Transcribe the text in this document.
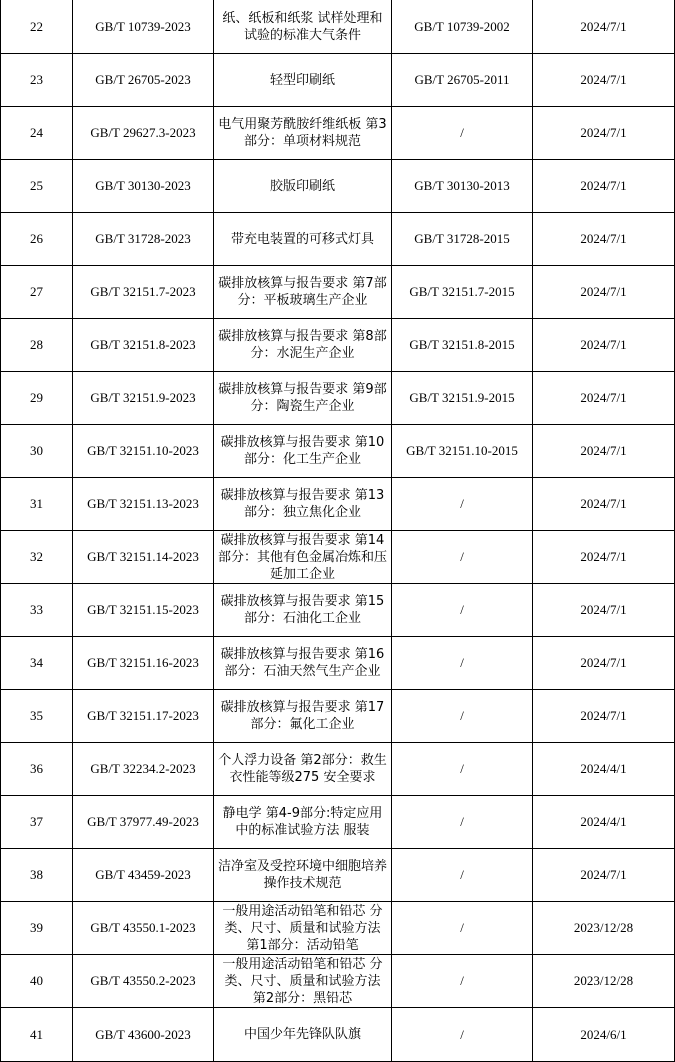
22	GB/T 10739-2023	纸、纸板和纸浆 试样处理和试验的标准大气条件	GB/T 10739-2002	2024/7/1
23	GB/T 26705-2023	轻型印刷纸	GB/T 26705-2011	2024/7/1
24	GB/T 29627.3-2023	电气用聚芳酰胺纤维纸板 第3部分：单项材料规范	/	2024/7/1
25	GB/T 30130-2023	胶版印刷纸	GB/T 30130-2013	2024/7/1
26	GB/T 31728-2023	带充电装置的可移式灯具	GB/T 31728-2015	2024/7/1
27	GB/T 32151.7-2023	碳排放核算与报告要求 第7部分：平板玻璃生产企业	GB/T 32151.7-2015	2024/7/1
28	GB/T 32151.8-2023	碳排放核算与报告要求 第8部分：水泥生产企业	GB/T 32151.8-2015	2024/7/1
29	GB/T 32151.9-2023	碳排放核算与报告要求 第9部分：陶瓷生产企业	GB/T 32151.9-2015	2024/7/1
30	GB/T 32151.10-2023	碳排放核算与报告要求 第10部分：化工生产企业	GB/T 32151.10-2015	2024/7/1
31	GB/T 32151.13-2023	碳排放核算与报告要求 第13部分：独立焦化企业	/	2024/7/1
32	GB/T 32151.14-2023	碳排放核算与报告要求 第14部分：其他有色金属冶炼和压延加工企业	/	2024/7/1
33	GB/T 32151.15-2023	碳排放核算与报告要求 第15部分：石油化工企业	/	2024/7/1
34	GB/T 32151.16-2023	碳排放核算与报告要求 第16部分：石油天然气生产企业	/	2024/7/1
35	GB/T 32151.17-2023	碳排放核算与报告要求 第17部分：氟化工企业	/	2024/7/1
36	GB/T 32234.2-2023	个人浮力设备 第2部分：救生衣性能等级275 安全要求	/	2024/4/1
37	GB/T 37977.49-2023	静电学 第4-9部分:特定应用中的标准试验方法 服装	/	2024/4/1
38	GB/T 43459-2023	洁净室及受控环境中细胞培养操作技术规范	/	2024/7/1
39	GB/T 43550.1-2023	一般用途活动铅笔和铅芯 分类、尺寸、质量和试验方法 第1部分：活动铅笔	/	2023/12/28
40	GB/T 43550.2-2023	一般用途活动铅笔和铅芯 分类、尺寸、质量和试验方法 第2部分：黑铅芯	/	2023/12/28
41	GB/T 43600-2023	中国少年先锋队队旗	/	2024/6/1
